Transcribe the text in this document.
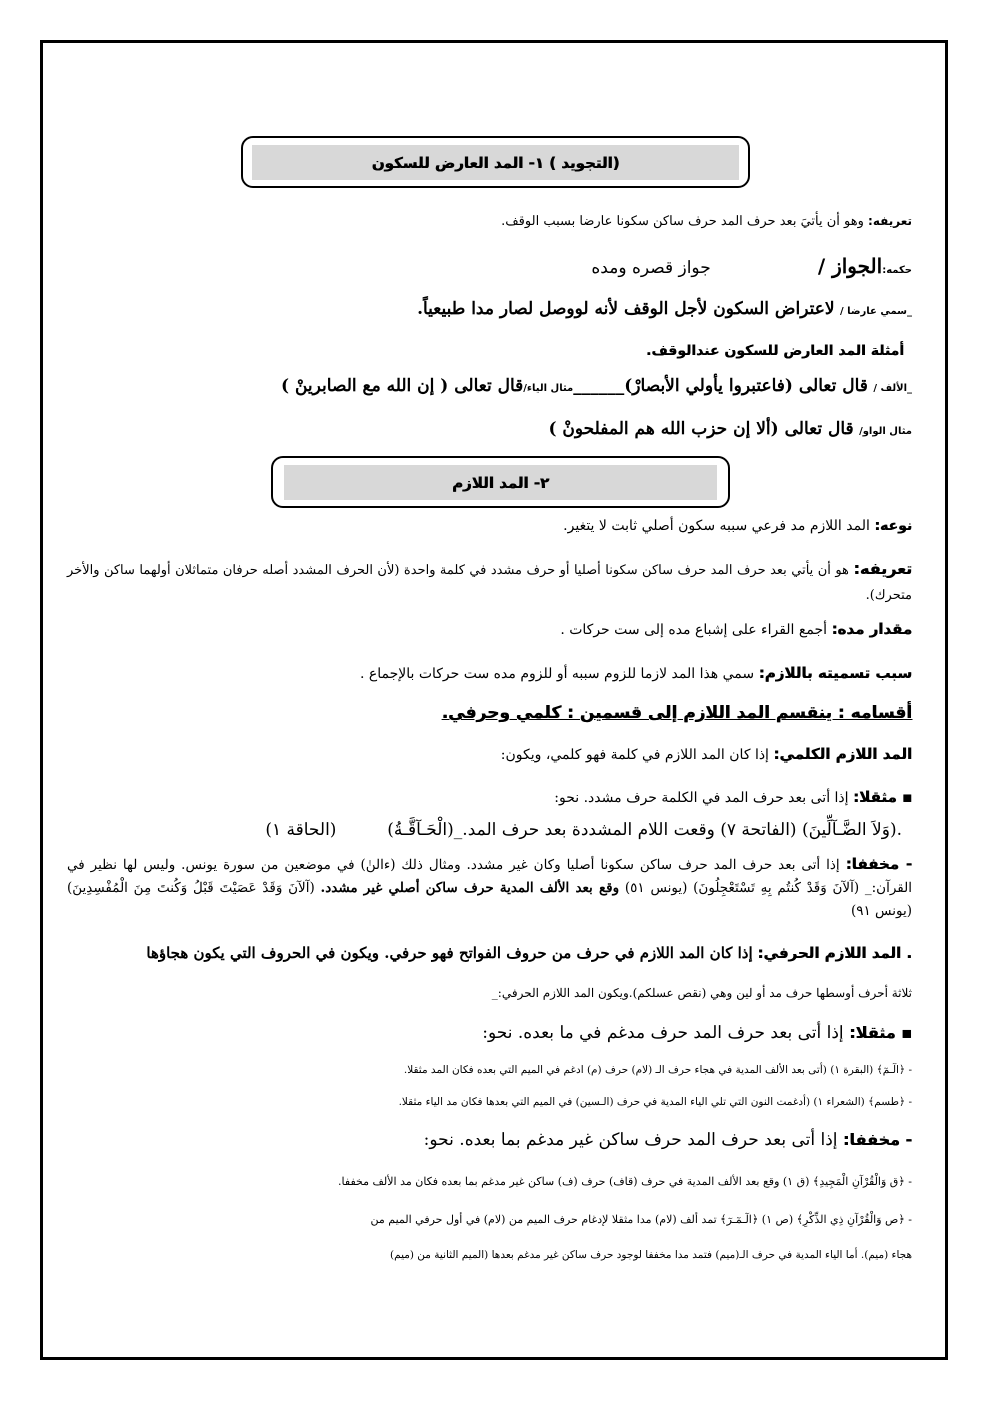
(التجويد ) ١- المد العارض للسكون
تعريفه: وهو أن يأتيَ بعد حرف المد حرف ساكن سكونا عارضا بسبب الوقف.
حكمه:الجواز /  جواز قصره ومده
_سمي عارضا / لاعتراض السكون لأجل الوقف لأنه لووصل لصار مدا طبيعياً.
أمثلة المد العارض للسكون عندالوقف.
_الألف / قال تعالى (فاعتبروا يأولي الأبصارْ)______مثال الياء/قال تعالى ( إن الله مع الصابرينْ )
مثال الواو/ قال تعالى (ألا إن حزب الله هم المفلحونْ )
٢- المد اللازم
نوعه: المد اللازم مد فرعي سببه سكون أصلي ثابت لا يتغير.
تعريفه: هو أن يأتي بعد حرف المد حرف ساكن سكونا أصليا أو حرف مشدد في كلمة واحدة (لأن الحرف المشدد أصله حرفان متماثلان أولهما ساكن والأخر متحرك).
مقدار مده: أجمع القراء على إشباع مده إلى ست حركات .
سبب تسميته باللازم: سمي هذا المد لازما للزوم سببه أو للزوم مده ست حركات بالإجماع .
أقسامه : ينقسم المد اللازم إلى قسمين : كلمي وحرفي.
المد اللازم الكلمي: إذا كان المد اللازم في كلمة فهو كلمي، ويكون:
▪ مثقلا: إذا أتى بعد حرف المد في الكلمة حرف مشدد. نحو:
.(وَلاَ الضَّـآلِّينَ) (الفاتحة ٧) وقعت اللام المشددة بعد حرف المد._(الْحَـآقَّـةُ)  (الحاقة ١)
- مخففا: إذا أتى بعد حرف المد حرف ساكن سكونا أصليا وكان غير مشدد. ومثال ذلك (ءالنٰ) في موضعين من سورة يونس. وليس لها نظير في القرآن:_ (آلآنَ وَقَدْ كُنتُم بِهِ تَسْتَعْجِلُونَ) (يونس ٥١) وقع بعد الألف المدية حرف ساكن أصلي غير مشدد. (آلآنَ وَقَدْ عَصَيْتَ قَبْلُ وَكُنتَ مِنَ الْمُفْسِدِينَ) (يونس ٩١)
. المد اللازم الحرفي: إذا كان المد اللازم في حرف من حروف الفواتح فهو حرفي. ويكون في الحروف التي يكون هجاؤها
ثلاثة أحرف أوسطها حرف مد أو لين وهي (نقص عسلكم).ويكون المد اللازم الحرفي:_
▪ مثقلا: إذا أتى بعد حرف المد حرف مدغم في ما بعده. نحو:
- ﴿الٓـمٓ﴾ (البقرة ١) (أتى بعد الألف المدية في هجاء حرف الـ (لام) حرف (م) ادغم في الميم التي بعده فكان المد مثقلا.
- ﴿طسم﴾ (الشعراء ١) (أدغمت النون التي تلي الياء المدية في حرف (الـسين) في الميم التي بعدها فكان مد الياء مثقلا.
- مخففا: إذا أتى بعد حرف المد حرف ساكن غير مدغم بما بعده. نحو:
- ﴿ق وَالْقُرْآنِ الْمَجِيدِ﴾ (ق ١) وقع بعد الألف المدية في حرف (قاف) حرف (ف) ساكن غير مدغم بما بعده فكان مد الألف مخففا.
- ﴿ص وَالْقُرْآنِ ذِي الذِّكْرِ﴾ (ص ١) ﴿الٓـمٓـرٓ﴾ تمد ألف (لام) مدا مثقلا لإدغام حرف الميم من (لام) في أول حرفي الميم من
هجاء (ميم). أما الياء المدية في حرف الـ(ميم) فتمد مدا مخففا لوجود حرف ساكن غير مدغم بعدها (الميم الثانية من (ميم)
